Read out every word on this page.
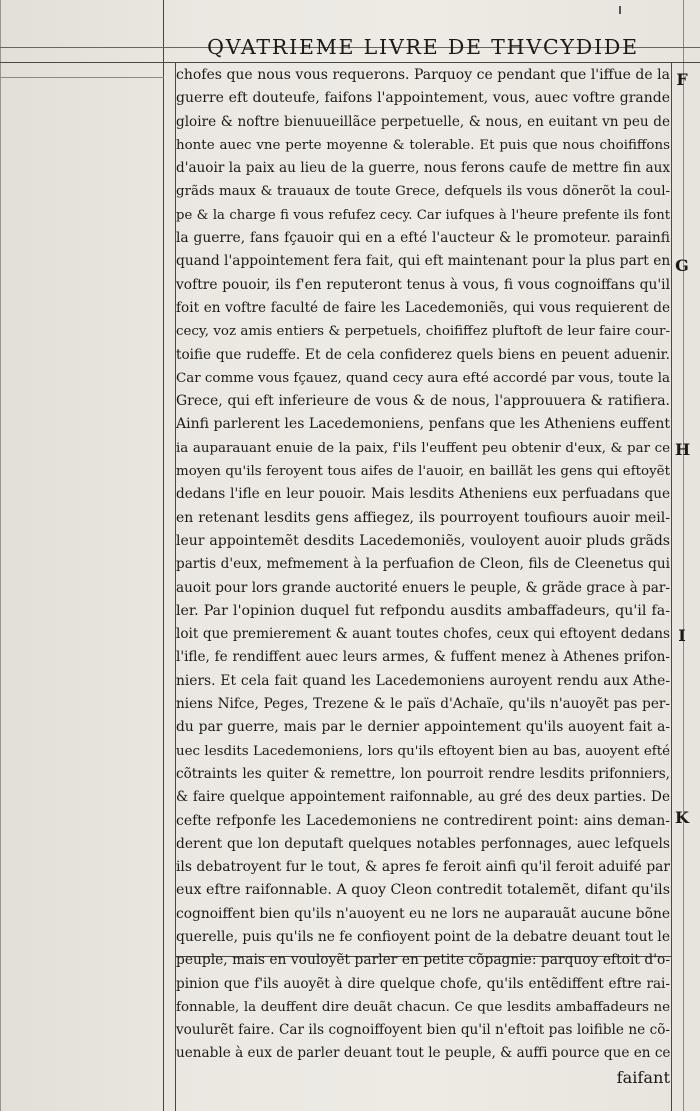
QVATRIEME LIVRE DE THVCYDIDE
chofes que nous vous requerons. Parquoy ce pendant que l'iffue de la
guerre eft douteufe, faifons l'appointement, vous, auec voftre grande
gloire & noftre bienuueillãce perpetuelle, & nous, en euitant vn peu de
honte auec vne perte moyenne & tolerable. Et puis que nous choififfons
d'auoir la paix au lieu de la guerre, nous ferons caufe de mettre fin aux
grãds maux & trauaux de toute Grece, defquels ils vous dõnerõt la coul-
pe & la charge fi vous refufez cecy. Car iufques à l'heure prefente ils font
la guerre, fans fçauoir qui en a efté l'aucteur & le promoteur. parainfi
quand l'appointement fera fait, qui eft maintenant pour la plus part en
voftre pouoir, ils f'en reputeront tenus à vous, fi vous cognoiffans qu'il
foit en voftre faculté de faire les Lacedemoniẽs, qui vous requierent de
cecy, voz amis entiers & perpetuels, choififfez pluftoft de leur faire cour-
toifie que rudeffe. Et de cela confiderez quels biens en peuent aduenir.
Car comme vous fçauez, quand cecy aura efté accordé par vous, toute la
Grece, qui eft inferieure de vous & de nous, l'approuuera & ratifiera.
Ainfi parlerent les Lacedemoniens, penfans que les Atheniens euffent
ia auparauant enuie de la paix, f'ils l'euffent peu obtenir d'eux, & par ce
moyen qu'ils feroyent tous aifes de l'auoir, en baillãt les gens qui eftoyẽt
dedans l'ifle en leur pouoir. Mais lesdits Atheniens eux perfuadans que
en retenant lesdits gens affiegez, ils pourroyent toufiours auoir meil-
leur appointemẽt desdits Lacedemoniẽs, vouloyent auoir pluds grãds
partis d'eux, mefmement à la perfuafion de Cleon, fils de Cleenetus qui
auoit pour lors grande auctorité enuers le peuple, & grãde grace à par-
ler. Par l'opinion duquel fut refpondu ausdits ambaffadeurs, qu'il fa-
loit que premierement & auant toutes chofes, ceux qui eftoyent dedans
l'ifle, fe rendiffent auec leurs armes, & fuffent menez à Athenes prifon-
niers. Et cela fait quand les Lacedemoniens auroyent rendu aux Athe-
niens Nifce, Peges, Trezene & le païs d'Achaïe, qu'ils n'auoyẽt pas per-
du par guerre, mais par le dernier appointement qu'ils auoyent fait a-
uec lesdits Lacedemoniens, lors qu'ils eftoyent bien au bas, auoyent efté
cõtraints les quiter & remettre, lon pourroit rendre lesdits prifonniers,
& faire quelque appointement raifonnable, au gré des deux parties. De
cefte refponfe les Lacedemoniens ne contredirent point: ains deman-
derent que lon deputaft quelques notables perfonnages, auec lefquels
ils debatroyent fur le tout, & apres fe feroit ainfi qu'il feroit aduifé par
eux eftre raifonnable. A quoy Cleon contredit totalemẽt, difant qu'ils
cognoiffent bien qu'ils n'auoyent eu ne lors ne auparauãt aucune bõne
querelle, puis qu'ils ne fe confioyent point de la debatre deuant tout le
peuple, mais en vouloyẽt parler en petite cõpagnie: parquoy eftoit d'o-
pinion que f'ils auoyẽt à dire quelque chofe, qu'ils entẽdiffent eftre rai-
fonnable, la deuffent dire deuãt chacun. Ce que lesdits ambaffadeurs ne
voulurẽt faire. Car ils cognoiffoyent bien qu'il n'eftoit pas loifible ne cõ-
uenable à eux de parler deuant tout le peuple, & auffi pource que en ce
faifant
F
G
H
I
K
